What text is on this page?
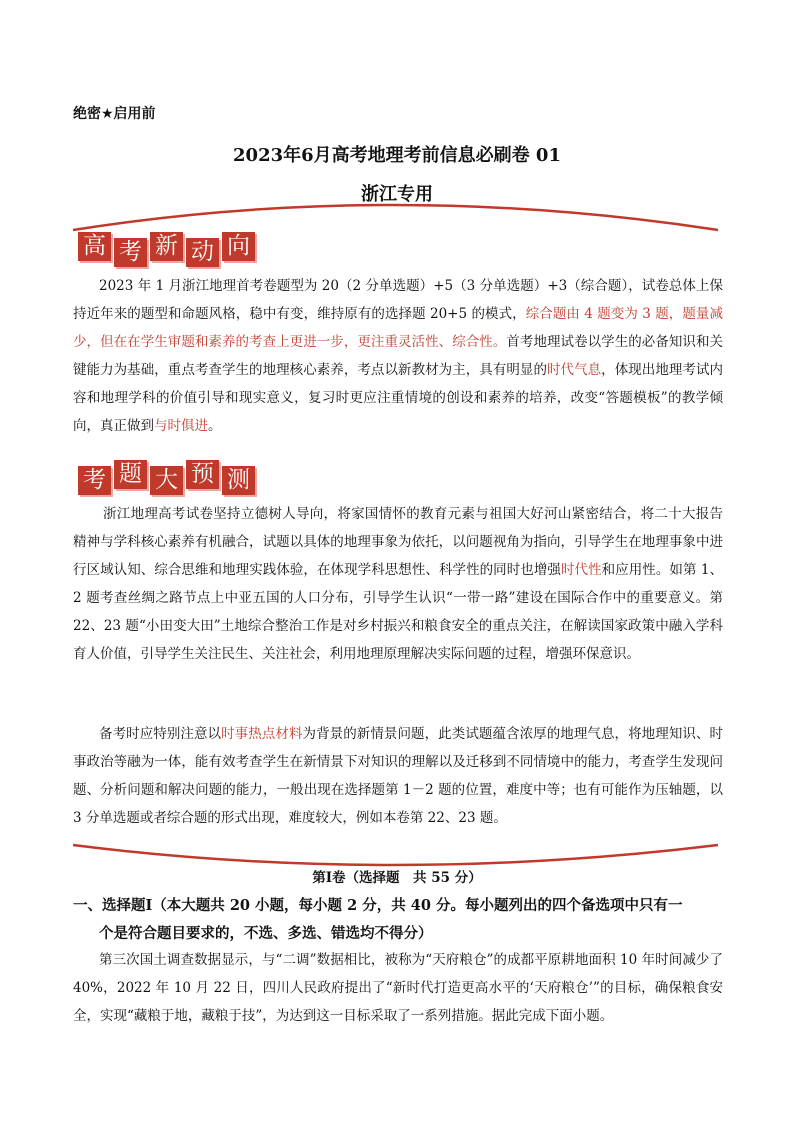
绝密★启用前
2023年6月高考地理考前信息必刷卷 01
浙江专用
高 考 新 动 向
2023 年 1 月浙江地理首考卷题型为 20（2 分单选题）+5（3 分单选题）+3（综合题），试卷总体上保持近年来的题型和命题风格，稳中有变，维持原有的选择题 20+5 的模式，综合题由 4 题变为 3 题，题量减少，但在在学生审题和素养的考查上更进一步，更注重灵活性、综合性。首考地理试卷以学生的必备知识和关键能力为基础，重点考查学生的地理核心素养，考点以新教材为主，具有明显的时代气息，体现出地理考试内容和地理学科的价值引导和现实意义，复习时更应注重情境的创设和素养的培养，改变“答题模板”的教学倾向，真正做到与时俱进。
考 题 大 预 测
浙江地理高考试卷坚持立德树人导向，将家国情怀的教育元素与祖国大好河山紧密结合，将二十大报告精神与学科核心素养有机融合，试题以具体的地理事象为依托，以问题视角为指向，引导学生在地理事象中进行区域认知、综合思维和地理实践体验，在体现学科思想性、科学性的同时也增强时代性和应用性。如第 1、2 题考查丝绸之路节点上中亚五国的人口分布，引导学生认识“一带一路”建设在国际合作中的重要意义。第 22、23 题“小田变大田”土地综合整治工作是对乡村振兴和粮食安全的重点关注，在解读国家政策中融入学科育人价值，引导学生关注民生、关注社会，利用地理原理解决实际问题的过程，增强环保意识。
备考时应特别注意以时事热点材料为背景的新情景问题，此类试题蕴含浓厚的地理气息，将地理知识、时事政治等融为一体，能有效考查学生在新情景下对知识的理解以及迁移到不同情境中的能力，考查学生发现问题、分析问题和解决问题的能力，一般出现在选择题第 1－2 题的位置，难度中等；也有可能作为压轴题，以 3 分单选题或者综合题的形式出现，难度较大，例如本卷第 22、23 题。
第Ⅰ卷（选择题　共 55 分）
一、选择题Ⅰ（本大题共 20 小题，每小题 2 分，共 40 分。每小题列出的四个备选项中只有一
个是符合题目要求的，不选、多选、错选均不得分）
第三次国土调查数据显示，与“二调”数据相比，被称为“天府粮仓”的成都平原耕地面积 10 年时间减少了 40%，2022 年 10 月 22 日，四川人民政府提出了“新时代打造更高水平的‘天府粮仓’”的目标，确保粮食安全，实现“藏粮于地，藏粮于技”，为达到这一目标采取了一系列措施。据此完成下面小题。
